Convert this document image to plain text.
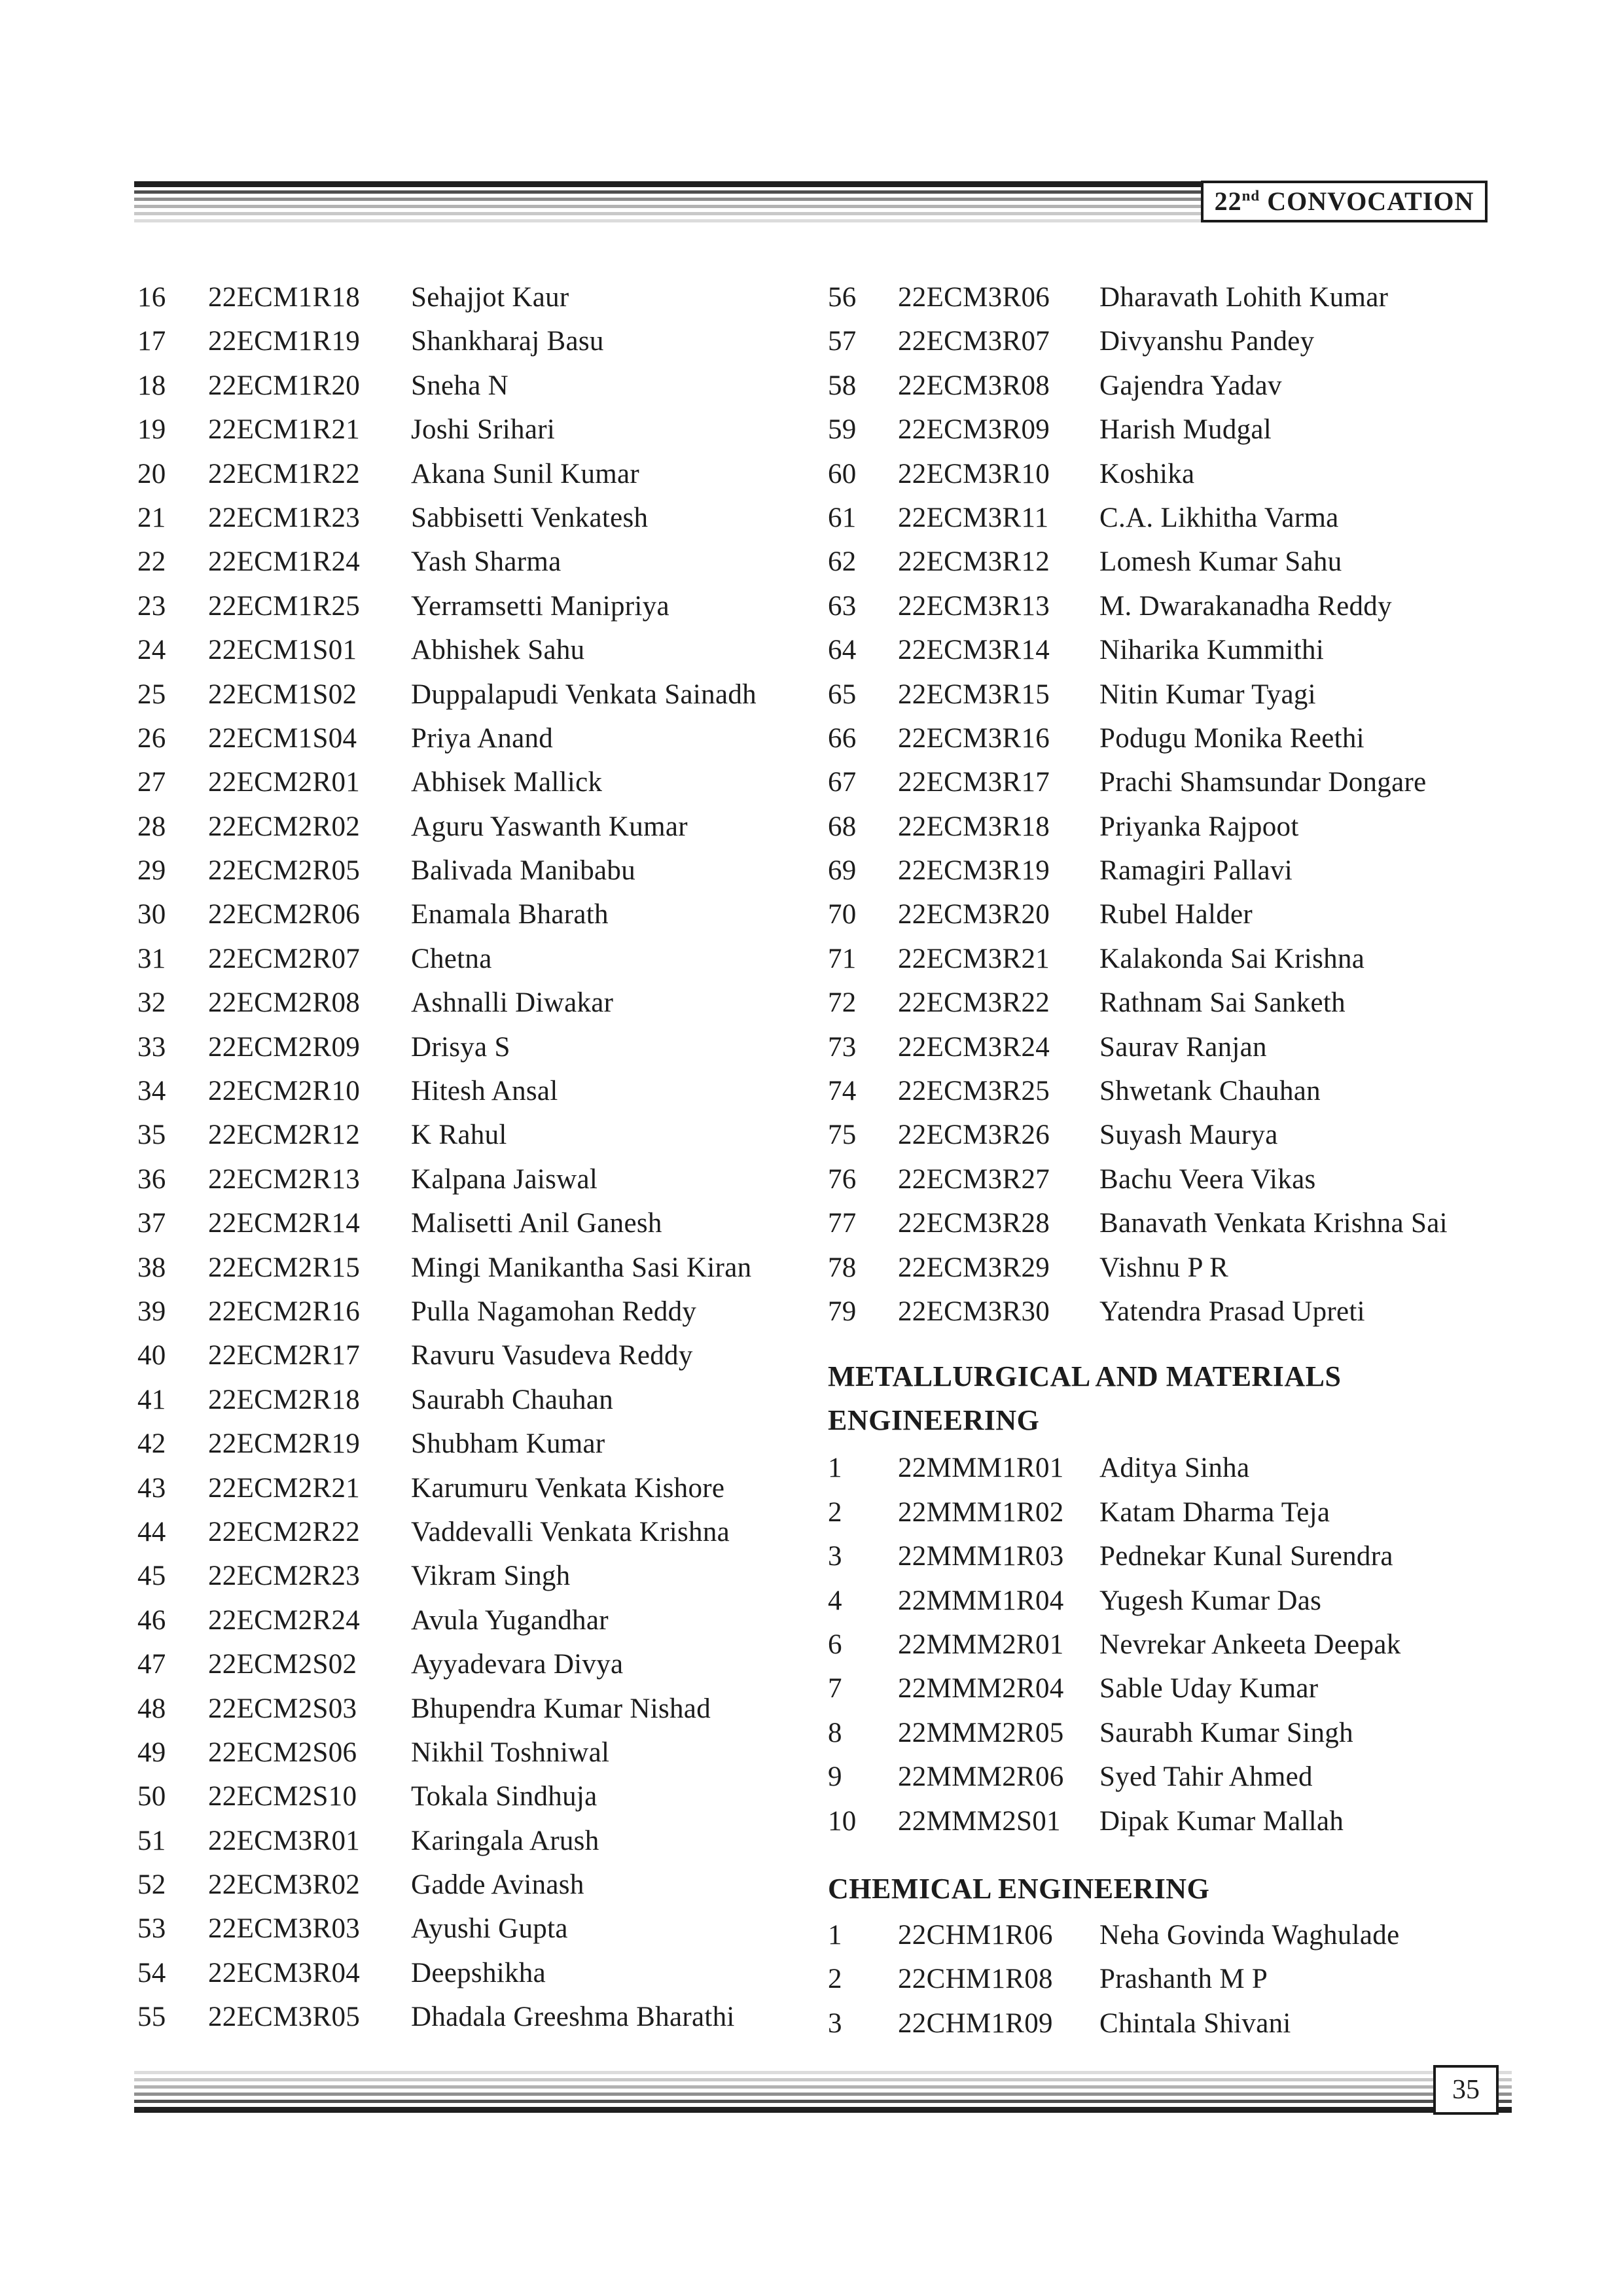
22nd CONVOCATION
16	22ECM1R18	Sehajjot Kaur
17	22ECM1R19	Shankharaj Basu
18	22ECM1R20	Sneha N
19	22ECM1R21	Joshi Srihari
20	22ECM1R22	Akana Sunil Kumar
21	22ECM1R23	Sabbisetti Venkatesh
22	22ECM1R24	Yash Sharma
23	22ECM1R25	Yerramsetti Manipriya
24	22ECM1S01	Abhishek Sahu
25	22ECM1S02	Duppalapudi Venkata Sainadh
26	22ECM1S04	Priya Anand
27	22ECM2R01	Abhisek Mallick
28	22ECM2R02	Aguru Yaswanth Kumar
29	22ECM2R05	Balivada Manibabu
30	22ECM2R06	Enamala Bharath
31	22ECM2R07	Chetna
32	22ECM2R08	Ashnalli Diwakar
33	22ECM2R09	Drisya S
34	22ECM2R10	Hitesh Ansal
35	22ECM2R12	K Rahul
36	22ECM2R13	Kalpana Jaiswal
37	22ECM2R14	Malisetti Anil Ganesh
38	22ECM2R15	Mingi Manikantha Sasi Kiran
39	22ECM2R16	Pulla Nagamohan Reddy
40	22ECM2R17	Ravuru Vasudeva Reddy
41	22ECM2R18	Saurabh Chauhan
42	22ECM2R19	Shubham Kumar
43	22ECM2R21	Karumuru Venkata Kishore
44	22ECM2R22	Vaddevalli Venkata Krishna
45	22ECM2R23	Vikram Singh
46	22ECM2R24	Avula Yugandhar
47	22ECM2S02	Ayyadevara Divya
48	22ECM2S03	Bhupendra Kumar Nishad
49	22ECM2S06	Nikhil Toshniwal
50	22ECM2S10	Tokala Sindhuja
51	22ECM3R01	Karingala Arush
52	22ECM3R02	Gadde Avinash
53	22ECM3R03	Ayushi Gupta
54	22ECM3R04	Deepshikha
55	22ECM3R05	Dhadala Greeshma Bharathi
56	22ECM3R06	Dharavath Lohith Kumar
57	22ECM3R07	Divyanshu Pandey
58	22ECM3R08	Gajendra Yadav
59	22ECM3R09	Harish Mudgal
60	22ECM3R10	Koshika
61	22ECM3R11	C.A. Likhitha Varma
62	22ECM3R12	Lomesh Kumar Sahu
63	22ECM3R13	M. Dwarakanadha Reddy
64	22ECM3R14	Niharika Kummithi
65	22ECM3R15	Nitin Kumar Tyagi
66	22ECM3R16	Podugu Monika Reethi
67	22ECM3R17	Prachi Shamsundar Dongare
68	22ECM3R18	Priyanka Rajpoot
69	22ECM3R19	Ramagiri Pallavi
70	22ECM3R20	Rubel Halder
71	22ECM3R21	Kalakonda Sai Krishna
72	22ECM3R22	Rathnam Sai Sanketh
73	22ECM3R24	Saurav Ranjan
74	22ECM3R25	Shwetank Chauhan
75	22ECM3R26	Suyash Maurya
76	22ECM3R27	Bachu Veera Vikas
77	22ECM3R28	Banavath Venkata Krishna Sai
78	22ECM3R29	Vishnu P R
79	22ECM3R30	Yatendra Prasad Upreti
METALLURGICAL AND MATERIALS
ENGINEERING
1	22MMM1R01	Aditya Sinha
2	22MMM1R02	Katam Dharma Teja
3	22MMM1R03	Pednekar Kunal Surendra
4	22MMM1R04	Yugesh Kumar Das
6	22MMM2R01	Nevrekar Ankeeta Deepak
7	22MMM2R04	Sable Uday Kumar
8	22MMM2R05	Saurabh Kumar Singh
9	22MMM2R06	Syed Tahir Ahmed
10	22MMM2S01	Dipak Kumar Mallah
CHEMICAL ENGINEERING
1	22CHM1R06	Neha Govinda Waghulade
2	22CHM1R08	Prashanth M P
3	22CHM1R09	Chintala Shivani
35
